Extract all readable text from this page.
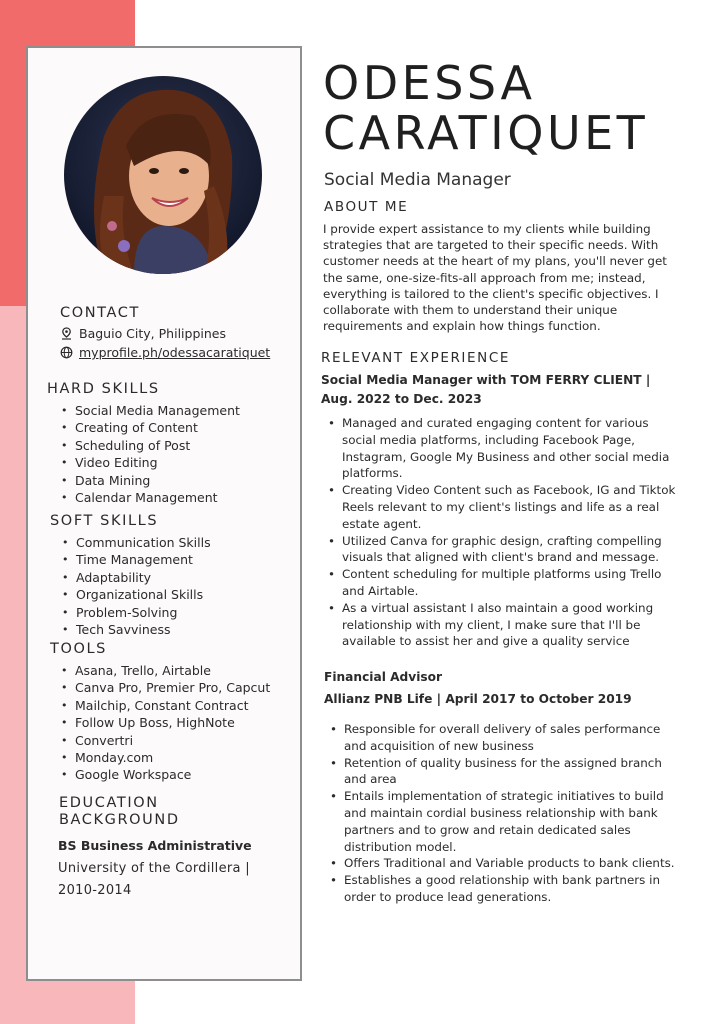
CONTACT
Baguio City, Philippines
myprofile.ph/odessacaratiquet
HARD SKILLS
• Social Media Management
• Creating of Content
• Scheduling of Post
• Video Editing
• Data Mining
• Calendar Management
SOFT SKILLS
• Communication Skills
• Time Management
• Adaptability
• Organizational Skills
• Problem-Solving
• Tech Savviness
TOOLS
• Asana, Trello, Airtable
• Canva Pro, Premier Pro, Capcut
• Mailchip, Constant Contract
• Follow Up Boss, HighNote
• Convertri
• Monday.com
• Google Workspace
EDUCATION
BACKGROUND
BS Business Administrative
University of the Cordillera | 2010-2014
ODESSA
CARATIQUET
Social Media Manager
ABOUT ME

I provide expert assistance to my clients while building strategies that are targeted to their specific needs. With customer needs at the heart of my plans, you'll never get the same, one-size-fits-all approach from me; instead, everything is tailored to the client's specific objectives. I collaborate with them to understand their unique requirements and explain how things function.

RELEVANT EXPERIENCE

Social Media Manager with TOM FERRY CLIENT | Aug. 2022 to Dec. 2023

• Managed and curated engaging content for various social media platforms, including Facebook Page, Instagram, Google My Business and other social media platforms.
• Creating Video Content such as Facebook, IG and Tiktok Reels relevant to my client's listings and life as a real estate agent.
• Utilized Canva for graphic design, crafting compelling visuals that aligned with client's brand and message.
• Content scheduling for multiple platforms using Trello and Airtable.
• As a virtual assistant I also maintain a good working relationship with my client, I make sure that I'll be available to assist her and give a quality service

Financial Advisor

Allianz PNB Life | April 2017 to October 2019

• Responsible for overall delivery of sales performance and acquisition of new business
• Retention of quality business for the assigned branch and area
• Entails implementation of strategic initiatives to build and maintain cordial business relationship with bank partners and to grow and retain dedicated sales distribution model.
• Offers Traditional and Variable products to bank clients.
• Establishes a good relationship with bank partners in order to produce lead generations.
